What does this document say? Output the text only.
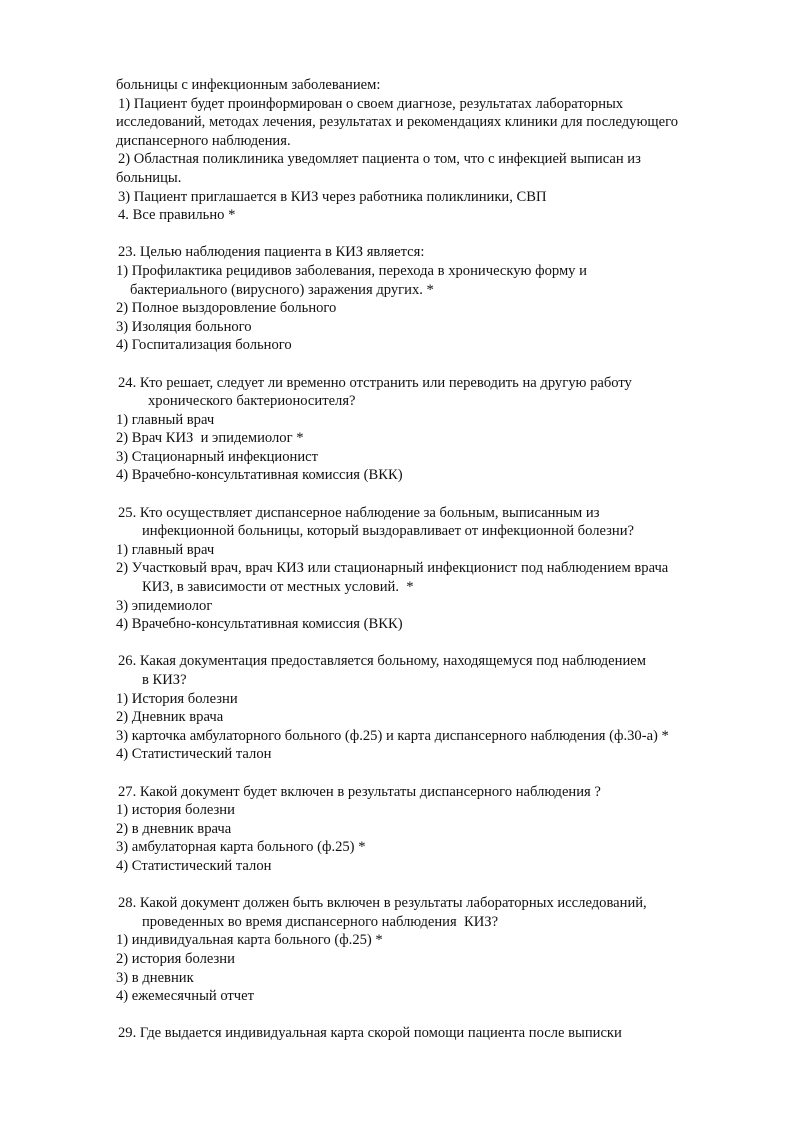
больницы с инфекционным заболеванием:
1) Пациент будет проинформирован о своем диагнозе, результатах лабораторных
исследований, методах лечения, результатах и рекомендациях клиники для последующего
диспансерного наблюдения.
2) Областная поликлиника уведомляет пациента о том, что с инфекцией выписан из
больницы.
3) Пациент приглашается в КИЗ через работника поликлиники, СВП
4. Все правильно *
23. Целью наблюдения пациента в КИЗ является:
1) Профилактика рецидивов заболевания, перехода в хроническую форму и
бактериального (вирусного) заражения других. *
2) Полное выздоровление больного
3) Изоляция больного
4) Госпитализация больного
24. Кто решает, следует ли временно отстранить или переводить на другую работу
хронического бактерионосителя?
1) главный врач
2) Врач КИЗ  и эпидемиолог *
3) Стационарный инфекционист
4) Врачебно-консультативная комиссия (ВКК)
25. Кто осуществляет диспансерное наблюдение за больным, выписанным из
инфекционной больницы, который выздоравливает от инфекционной болезни?
1) главный врач
2) Участковый врач, врач КИЗ или стационарный инфекционист под наблюдением врача
КИЗ, в зависимости от местных условий.  *
3) эпидемиолог
4) Врачебно-консультативная комиссия (ВКК)
26. Какая документация предоставляется больному, находящемуся под наблюдением
в КИЗ?
1) История болезни
2) Дневник врача
3) карточка амбулаторного больного (ф.25) и карта диспансерного наблюдения (ф.30-а) *
4) Статистический талон
27. Какой документ будет включен в результаты диспансерного наблюдения ?
1) история болезни
2) в дневник врача
3) амбулаторная карта больного (ф.25) *
4) Статистический талон
28. Какой документ должен быть включен в результаты лабораторных исследований,
проведенных во время диспансерного наблюдения  КИЗ?
1) индивидуальная карта больного (ф.25) *
2) история болезни
3) в дневник
4) ежемесячный отчет
29. Где выдается индивидуальная карта скорой помощи пациента после выписки
